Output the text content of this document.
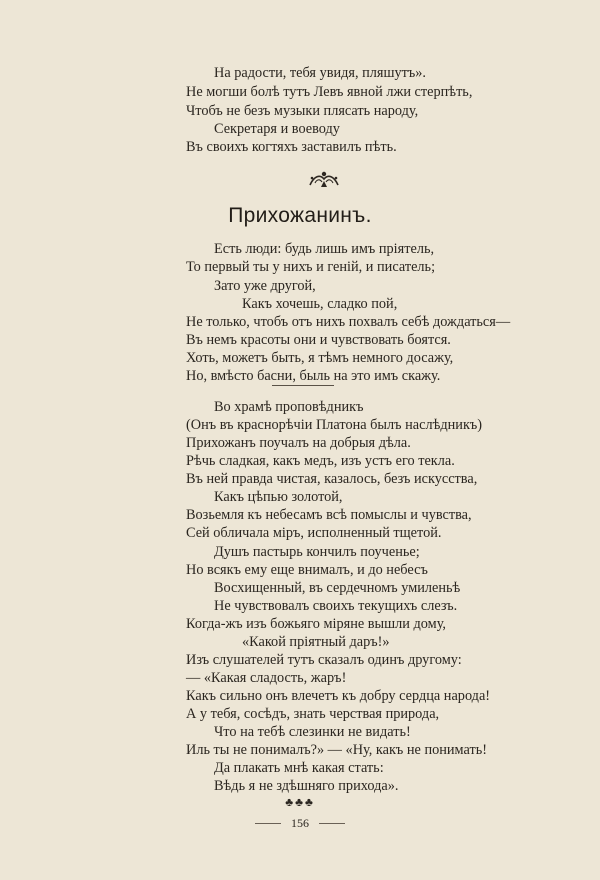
На радости, тебя увидя, пляшутъ».
Не могши болѣ тутъ Левъ явной лжи стерпѣть,
Чтобъ не безъ музыки плясать народу,
Секретаря и воеводу
Въ своихъ когтяхъ заставилъ пѣть.
Прихожанинъ.
Есть люди: будь лишь имъ пріятель,
То первый ты у нихъ и геній, и писатель;
Зато уже другой,
Какъ хочешь, сладко пой,
Не только, чтобъ отъ нихъ похвалъ себѣ дождаться—
Въ немъ красоты они и чувствовать боятся.
Хоть, можетъ быть, я тѣмъ немного досажу,
Но, вмѣсто басни, быль на это имъ скажу.
Во храмѣ проповѣдникъ
(Онъ въ краснорѣчіи Платона былъ наслѣдникъ)
Прихожанъ поучалъ на добрыя дѣла.
Рѣчь сладкая, какъ медъ, изъ устъ его текла.
Въ ней правда чистая, казалось, безъ искусства,
Какъ цѣпью золотой,
Возьемля къ небесамъ всѣ помыслы и чувства,
Сей обличала міръ, исполненный тщетой.
Душъ пастырь кончилъ поученье;
Но всякъ ему еще внималъ, и до небесъ
Восхищенный, въ сердечномъ умиленьѣ
Не чувствовалъ своихъ текущихъ слезъ.
Когда-жъ изъ божьяго міряне вышли дому,
«Какой пріятный даръ!»
Изъ слушателей тутъ сказалъ одинъ другому:
— «Какая сладость, жаръ!
Какъ сильно онъ влечетъ къ добру сердца народа!
А у тебя, сосѣдъ, знать черствая природа,
Что на тебѣ слезинки не видать!
Иль ты не понималъ?» — «Ну, какъ не понимать!
Да плакать мнѣ какая стать:
Вѣдь я не здѣшняго прихода».
♣♣♣
156
